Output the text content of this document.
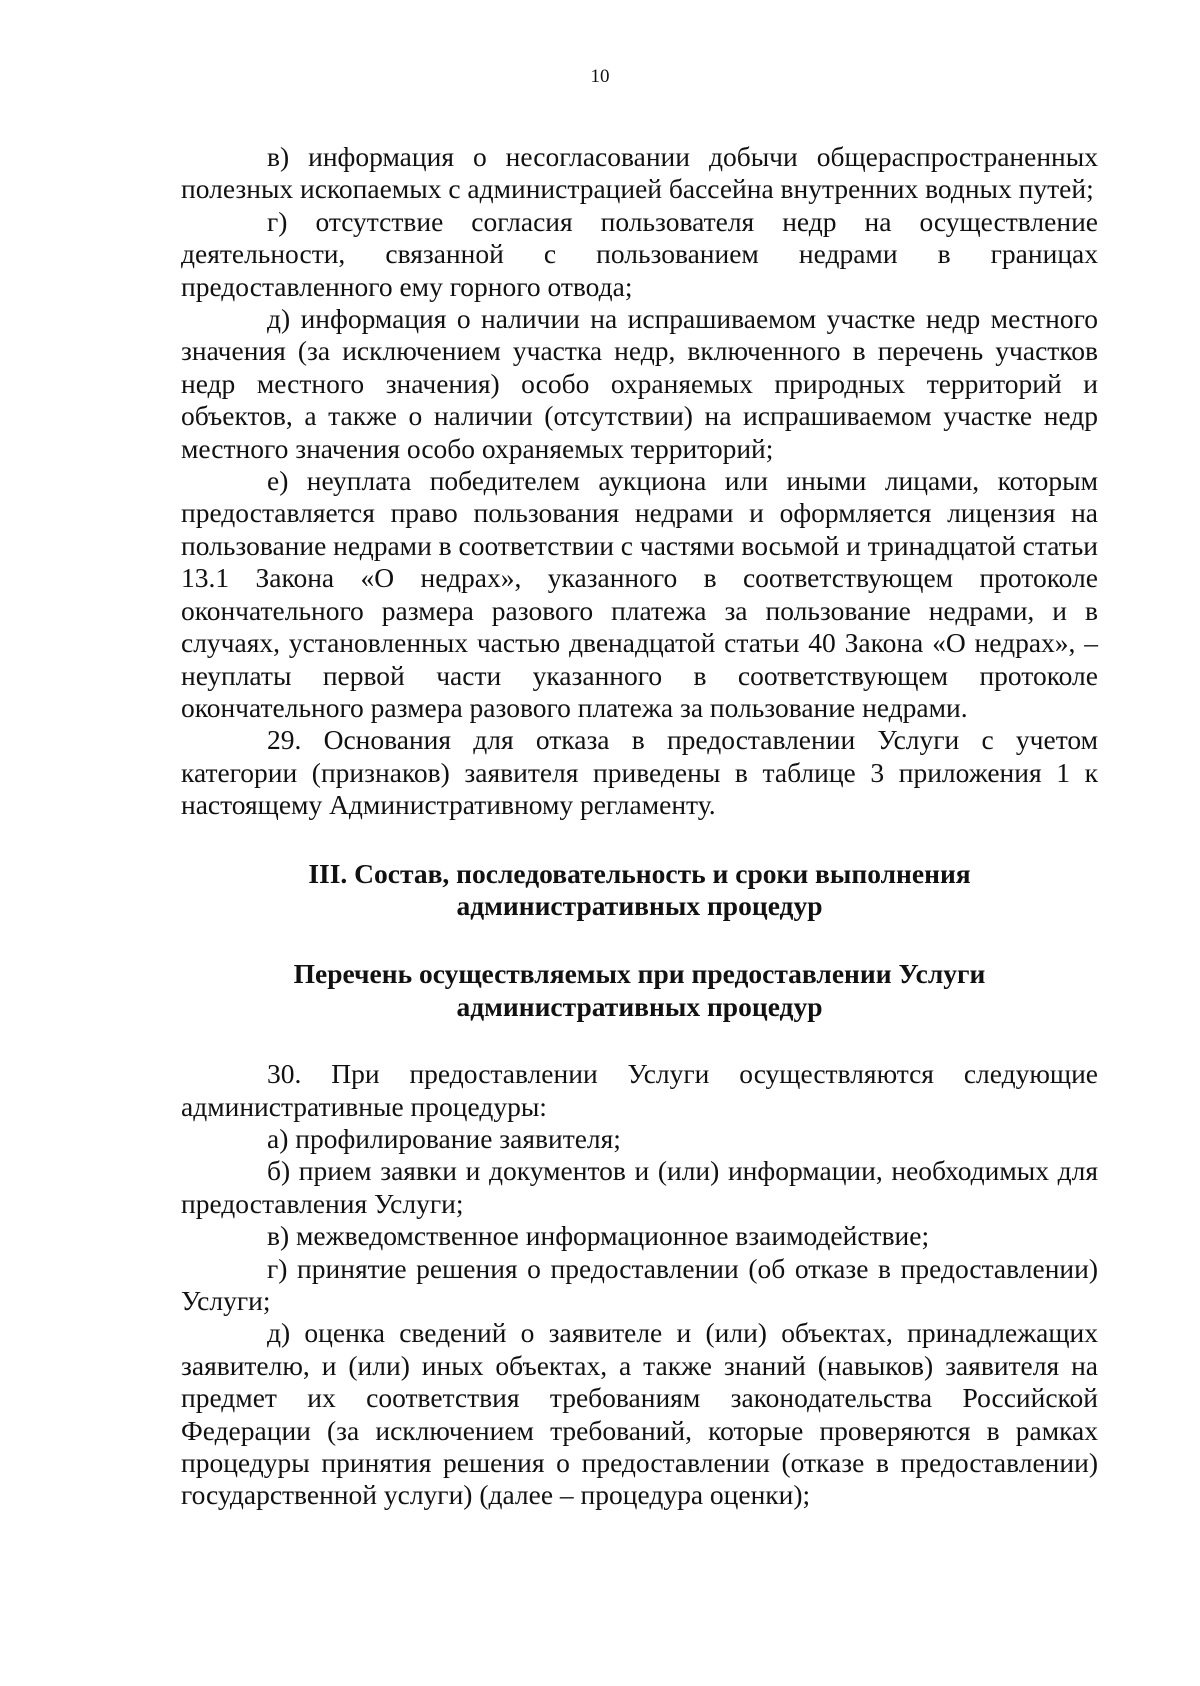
10

в) информация о несогласовании добычи общераспространенных полезных ископаемых с администрацией бассейна внутренних водных путей;

г) отсутствие согласия пользователя недр на осуществление деятельности, связанной с пользованием недрами в границах предоставленного ему горного отвода;

д) информация о наличии на испрашиваемом участке недр местного значения (за исключением участка недр, включенного в перечень участков недр местного значения) особо охраняемых природных территорий и объектов, а также о наличии (отсутствии) на испрашиваемом участке недр местного значения особо охраняемых территорий;

е) неуплата победителем аукциона или иными лицами, которым предоставляется право пользования недрами и оформляется лицензия на пользование недрами в соответствии с частями восьмой и тринадцатой статьи 13.1 Закона «О недрах», указанного в соответствующем протоколе окончательного размера разового платежа за пользование недрами, и в случаях, установленных частью двенадцатой статьи 40 Закона «О недрах», – неуплаты первой части указанного в соответствующем протоколе окончательного размера разового платежа за пользование недрами.

29. Основания для отказа в предоставлении Услуги с учетом категории (признаков) заявителя приведены в таблице 3 приложения 1 к настоящему Административному регламенту.

III. Состав, последовательность и сроки выполнения
административных процедур
Перечень осуществляемых при предоставлении Услуги
административных процедур

30. При предоставлении Услуги осуществляются следующие административные процедуры:

а) профилирование заявителя;

б) прием заявки и документов и (или) информации, необходимых для предоставления Услуги;

в) межведомственное информационное взаимодействие;

г) принятие решения о предоставлении (об отказе в предоставлении) Услуги;

д) оценка сведений о заявителе и (или) объектах, принадлежащих заявителю, и (или) иных объектах, а также знаний (навыков) заявителя на предмет их соответствия требованиям законодательства Российской Федерации (за исключением требований, которые проверяются в рамках процедуры принятия решения о предоставлении (отказе в предоставлении) государственной услуги) (далее – процедура оценки);
